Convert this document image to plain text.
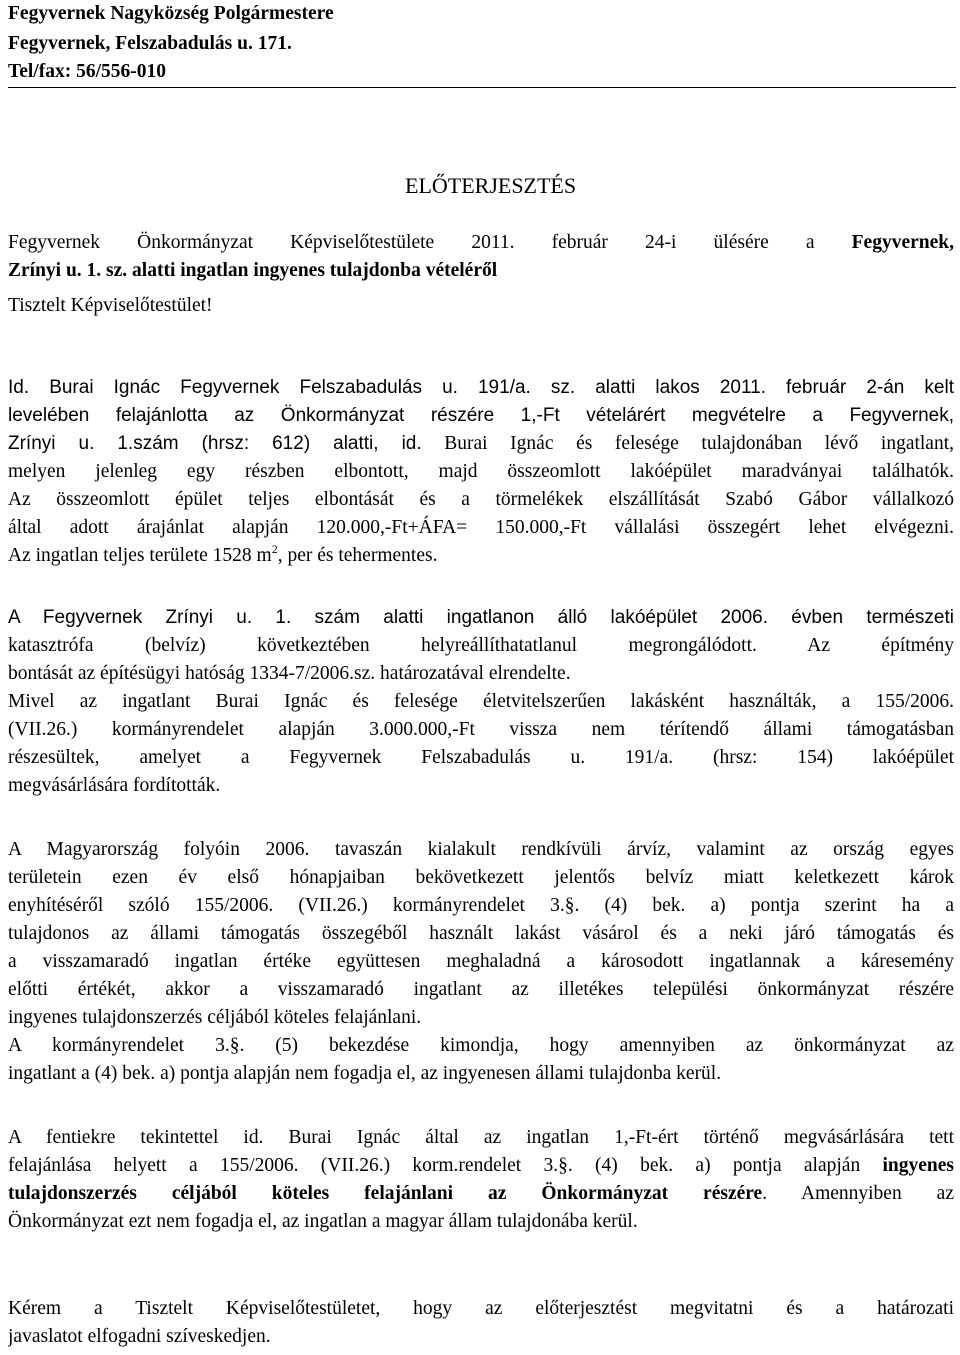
Fegyvernek Nagyközség Polgármestere
Fegyvernek, Felszabadulás u. 171.
Tel/fax: 56/556-010
ELŐTERJESZTÉS
Fegyvernek Önkormányzat Képviselőtestülete 2011. február 24-i ülésére a Fegyvernek,
Zrínyi u. 1. sz. alatti ingatlan ingyenes tulajdonba vételéről
Tisztelt Képviselőtestület!
Id. Burai Ignác Fegyvernek Felszabadulás u. 191/a. sz. alatti lakos 2011. február 2-án kelt
levelében felajánlotta az Önkormányzat részére 1,-Ft vételárért megvételre a Fegyvernek,
Zrínyi u. 1.szám (hrsz: 612) alatti, id. Burai Ignác és felesége tulajdonában lévő ingatlant,
melyen jelenleg egy részben elbontott, majd összeomlott lakóépület maradványai találhatók.
Az összeomlott épület teljes elbontását és a törmelékek elszállítását Szabó Gábor vállalkozó
által adott árajánlat alapján 120.000,-Ft+ÁFA= 150.000,-Ft vállalási összegért lehet elvégezni.
Az ingatlan teljes területe 1528 $m^2$, per és tehermentes.
A Fegyvernek Zrínyi u. 1. szám alatti ingatlanon álló lakóépület 2006. évben természeti
katasztrófa (belvíz) következtében helyreállíthatatlanul megrongálódott. Az építmény
bontását az építésügyi hatóság 1334-7/2006.sz. határozatával elrendelte.
Mivel az ingatlant Burai Ignác és felesége életvitelszerűen lakásként használták, a 155/2006.
(VII.26.) kormányrendelet alapján 3.000.000,-Ft vissza nem térítendő állami támogatásban
részesültek, amelyet a Fegyvernek Felszabadulás u. 191/a. (hrsz: 154) lakóépület
megvásárlására fordították.
A Magyarország folyóin 2006. tavaszán kialakult rendkívüli árvíz, valamint az ország egyes
területein ezen év első hónapjaiban bekövetkezett jelentős belvíz miatt keletkezett károk
enyhítéséről szóló 155/2006. (VII.26.) kormányrendelet 3.§. (4) bek. a) pontja szerint ha a
tulajdonos az állami támogatás összegéből használt lakást vásárol és a neki járó támogatás és
a visszamaradó ingatlan értéke együttesen meghaladná a károsodott ingatlannak a káresemény
előtti értékét, akkor a visszamaradó ingatlant az illetékes települési önkormányzat részére
ingyenes tulajdonszerzés céljából köteles felajánlani.
A kormányrendelet 3.§. (5) bekezdése kimondja, hogy amennyiben az önkormányzat az
ingatlant a (4) bek. a) pontja alapján nem fogadja el, az ingyenesen állami tulajdonba kerül.
A fentiekre tekintettel id. Burai Ignác által az ingatlan 1,-Ft-ért történő megvásárlására tett
felajánlása helyett a 155/2006. (VII.26.) korm.rendelet 3.§. (4) bek. a) pontja alapján ingyenes
tulajdonszerzés céljából köteles felajánlani az Önkormányzat részére. Amennyiben az
Önkormányzat ezt nem fogadja el, az ingatlan a magyar állam tulajdonába kerül.
Kérem a Tisztelt Képviselőtestületet, hogy az előterjesztést megvitatni és a határozati
javaslatot elfogadni szíveskedjen.
